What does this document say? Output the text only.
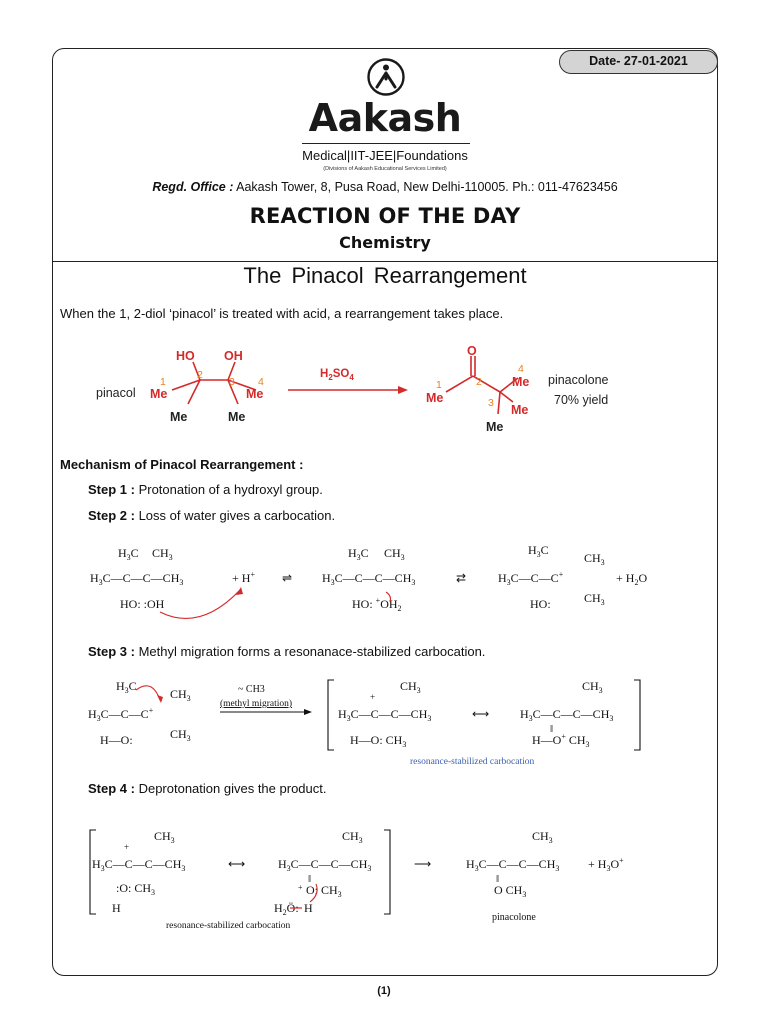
Date- 27-01-2021
Aakash
Medical|IIT-JEE|Foundations
(Divisions of Aakash Educational Services Limited)
Regd. Office : Aakash Tower, 8, Pusa Road, New Delhi-110005. Ph.: 011-47623456
REACTION OF THE DAY
Chemistry
The Pinacol Rearrangement
When the 1, 2-diol ‘pinacol’ is treated with acid, a rearrangement takes place.
pinacol
HO OH
Me	Me
Me	Me
1
2
3 4
$H_2SO_4$
O
Me
Me
Me
Me
1	2
3
4
pinacolone
70% yield
Mechanism of Pinacol Rearrangement :
Step 1 : Protonation of a hydroxyl group.
Step 2 : Loss of water gives a carbocation.
$H_3C$ $CH_3$
$H_3C—C—C—CH_3$
HO: :OH
+ H+ ⇌
$H_3C$ $CH_3$
$H_3C—C—C—CH_3$
HO: $^+OH_2$
⇄
$H_3C$
$CH_3$
$H_3C—C—C^+$
$CH_3$
HO:
+ $H_2O$
Step 3 : Methyl migration forms a resonanace-stabilized carbocation.
$H_3C$
$CH_3$
$H_3C—C—C^+$
$CH_3$
H—O:
~ CH3
(methyl migration)
$CH_3$
+
$H_3C—C—C—CH_3$
H—O: $CH_3$
⟷
$CH_3$
$H_3C—C—C—CH_3$
‖
H—O+ $CH_3$
resonance-stabilized carbocation
Step 4 : Deprotonation gives the product.
$CH_3$
+
$H_3C—C—C—CH_3$
:O: $CH_3$
H
⟷
$CH_3$
$H_3C—C—C—CH_3$
‖
O: $CH_3$
+
$H_2Ö$: H
⟶
$CH_3$
$H_3C—C—C—CH_3$
‖
O $CH_3$
+ $H_3O^+$
resonance-stabilized carbocation
pinacolone
(1)
